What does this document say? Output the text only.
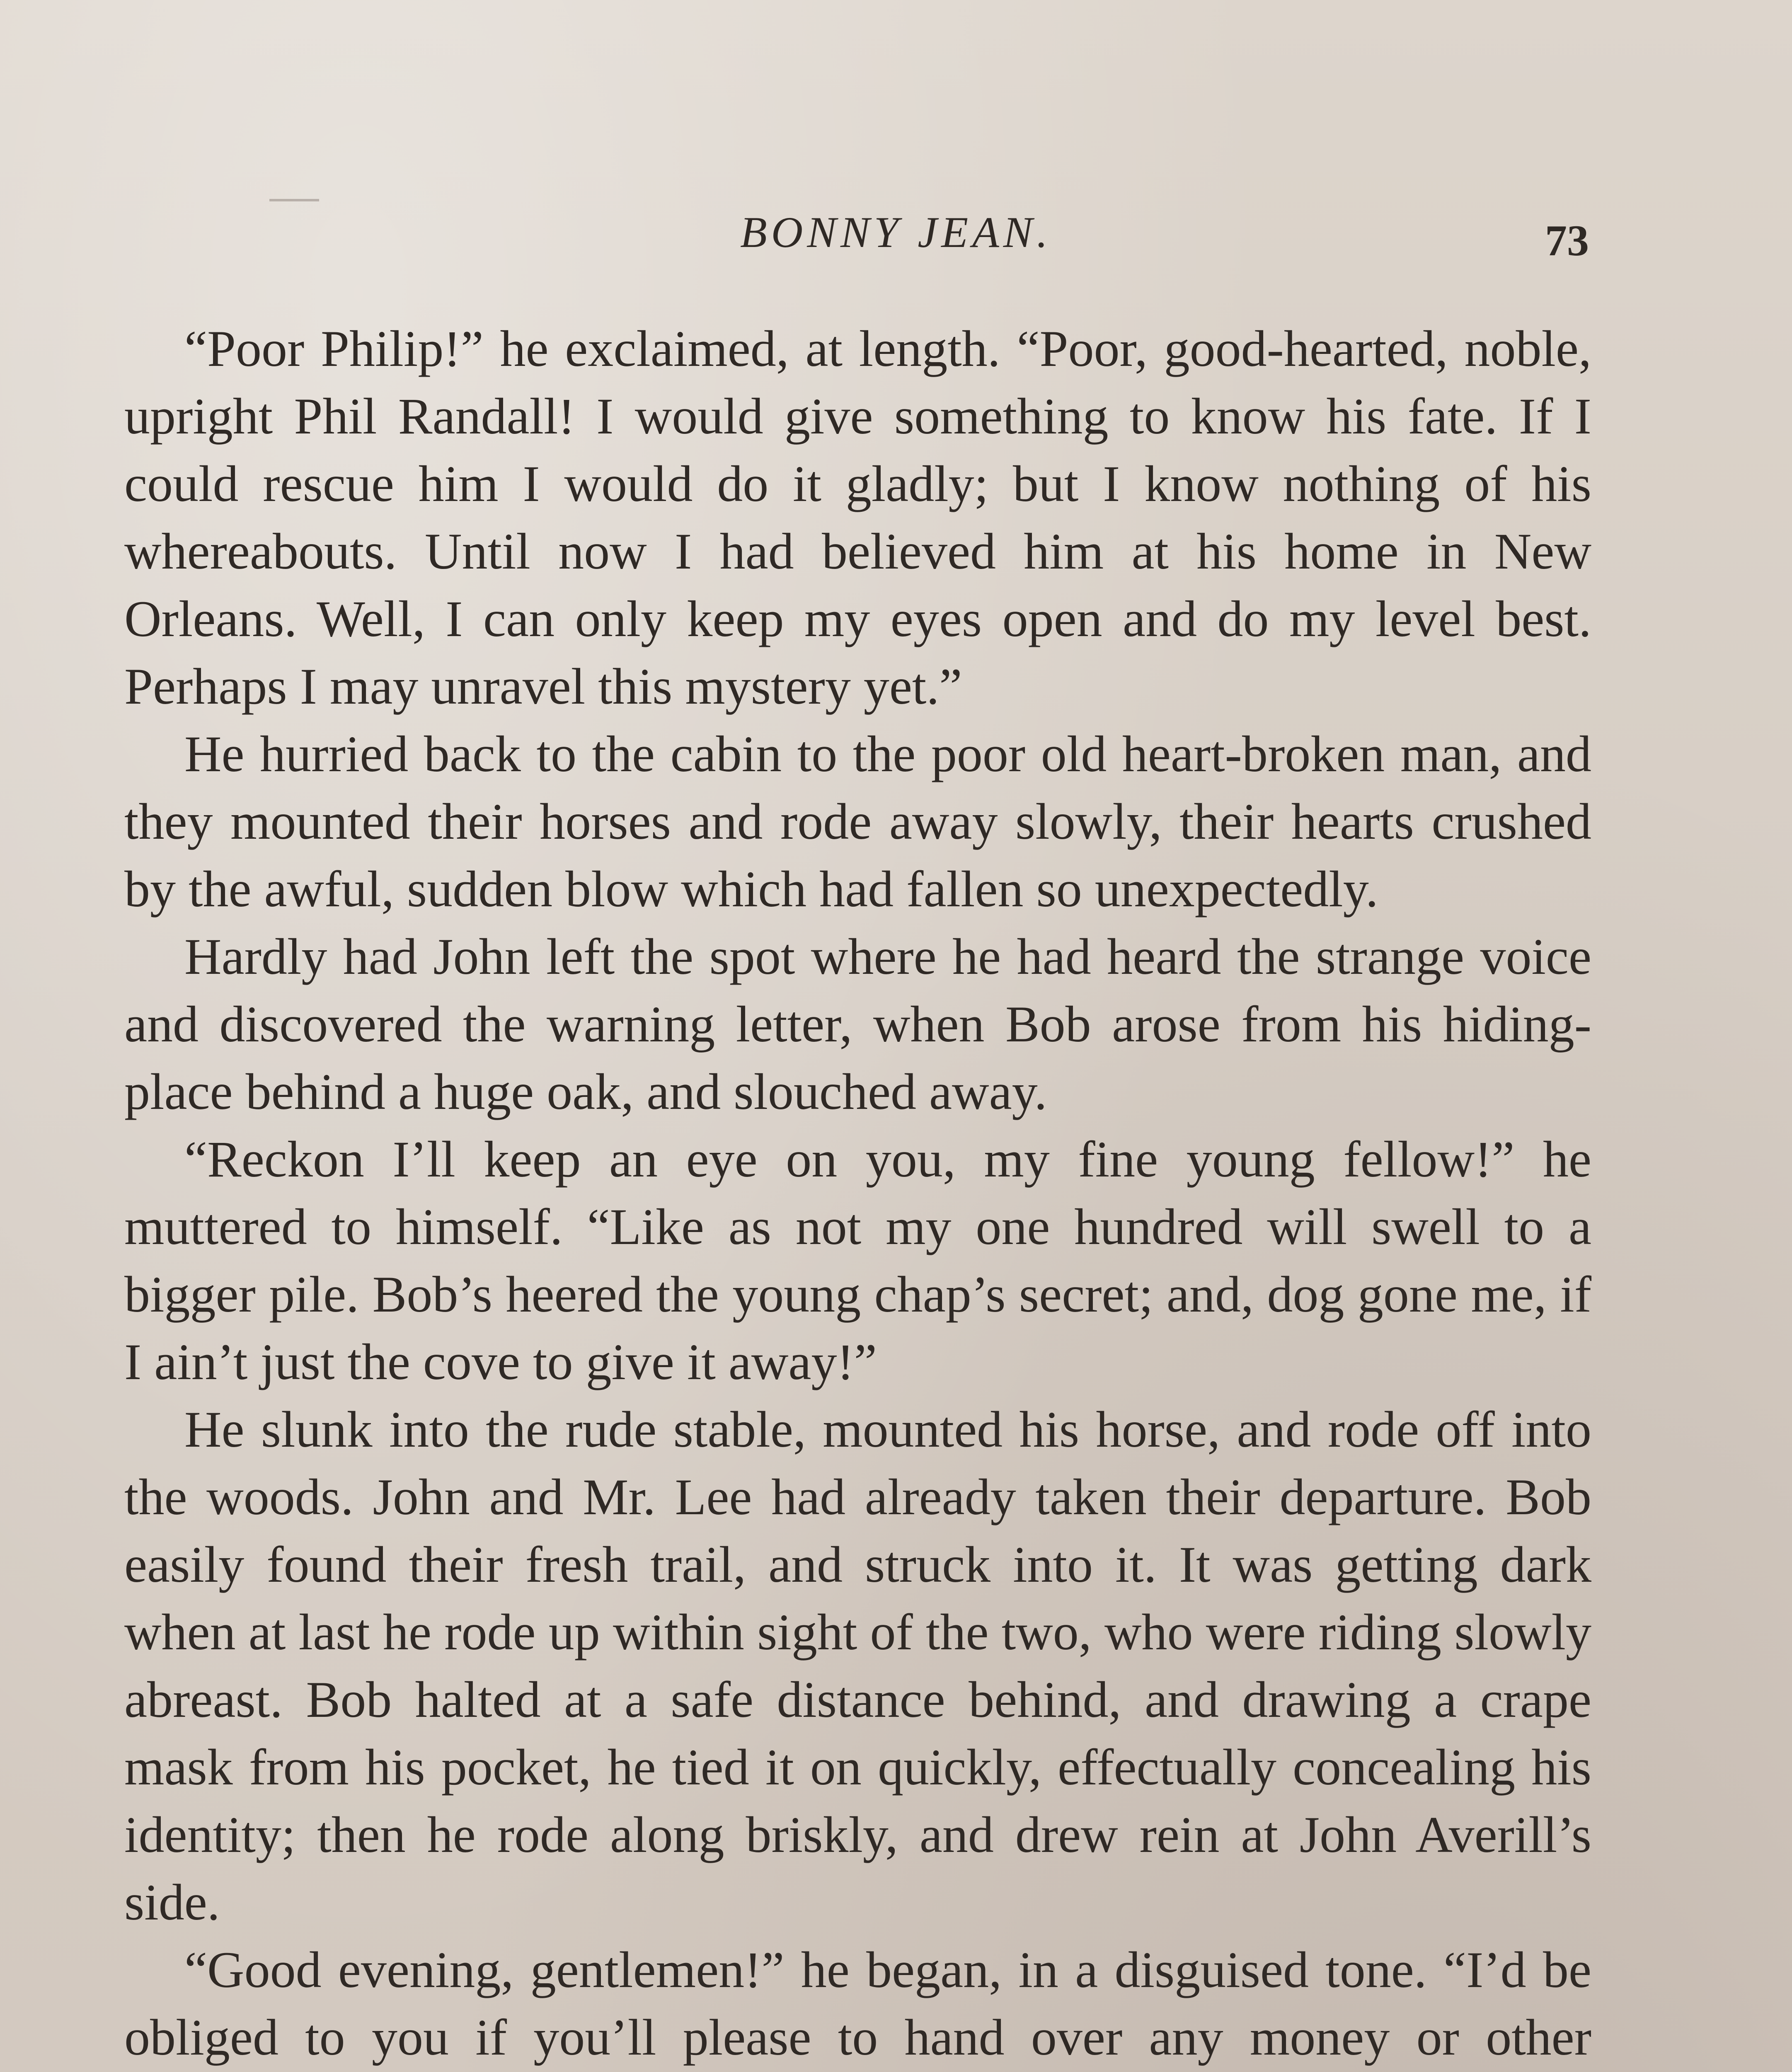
BONNY JEAN.	73

“Poor Philip!” he exclaimed, at length. “Poor, good-hearted, noble, upright Phil Randall! I would give something to know his fate. If I could rescue him I would do it gladly; but I know nothing of his whereabouts. Until now I had believed him at his home in New Orleans. Well, I can only keep my eyes open and do my level best. Perhaps I may unravel this mystery yet.”

He hurried back to the cabin to the poor old heart-broken man, and they mounted their horses and rode away slowly, their hearts crushed by the awful, sudden blow which had fallen so unexpectedly.

Hardly had John left the spot where he had heard the strange voice and discovered the warning letter, when Bob arose from his hiding-place behind a huge oak, and slouched away.

“Reckon I’ll keep an eye on you, my fine young fellow!” he muttered to himself. “Like as not my one hundred will swell to a bigger pile. Bob’s heered the young chap’s secret; and, dog gone me, if I ain’t just the cove to give it away!”

He slunk into the rude stable, mounted his horse, and rode off into the woods. John and Mr. Lee had already taken their departure. Bob easily found their fresh trail, and struck into it. It was getting dark when at last he rode up within sight of the two, who were riding slowly abreast. Bob halted at a safe distance behind, and drawing a crape mask from his pocket, he tied it on quickly, effectually concealing his identity; then he rode along briskly, and drew rein at John Averill’s side.

“Good evening, gentlemen!” he began, in a disguised tone. “I’d be obliged to you if you’ll please to hand over any money or other
